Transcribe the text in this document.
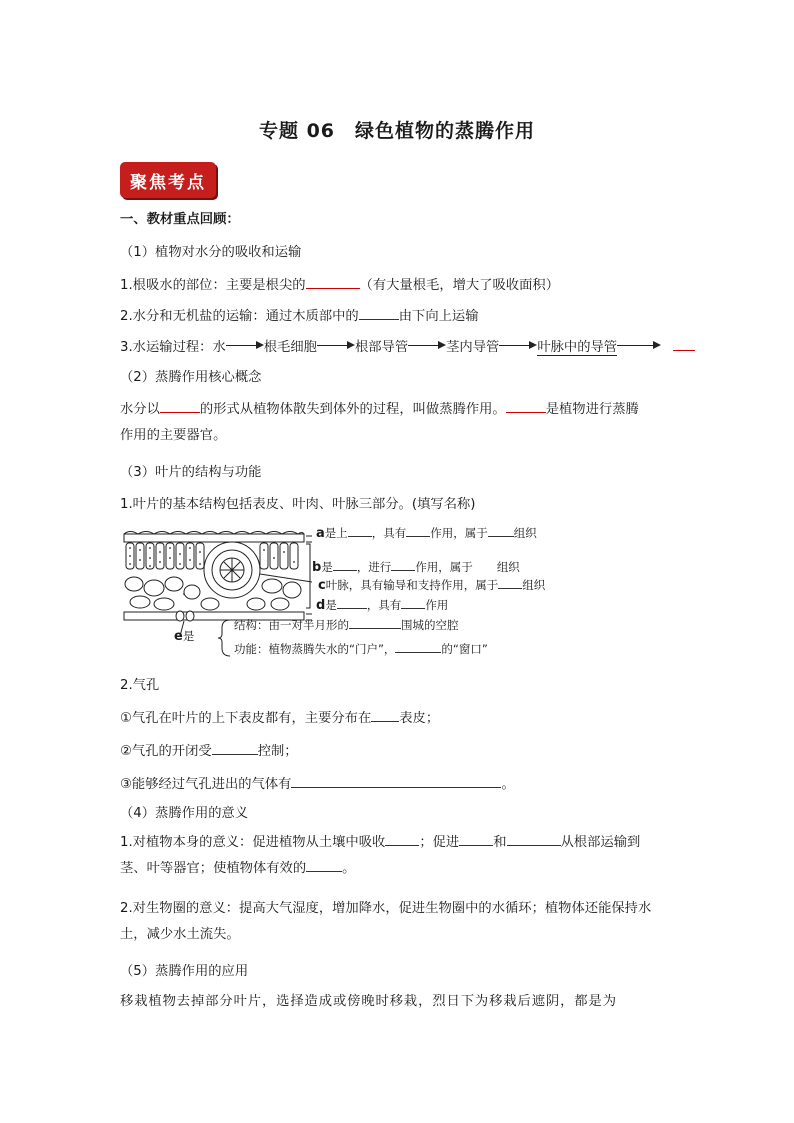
专题 06　绿色植物的蒸腾作用
聚焦考点
一、教材重点回顾：
（1）植物对水分的吸收和运输
1.根吸水的部位：主要是根尖的	（有大量根毛，增大了吸收面积）
2.水分和无机盐的运输：通过木质部中的	由下向上运输
3.水运输过程：水	根毛细胞	根部导管	茎内导管	叶脉中的导管
（2）蒸腾作用核心概念
水分以	的形式从植物体散失到体外的过程，叫做蒸腾作用。	是植物进行蒸腾
作用的主要器官。
（3）叶片的结构与功能
1.叶片的基本结构包括表皮、叶肉、叶脉三部分。(填写名称)
a是上 ，具有 作用，属于 组织
b是 ，进行 作用，属于 组织
c叶脉，具有输导和支持作用，属于 组织
d是	，具有 作用
e是
结构：由一对半月形的	围城的空腔
功能：植物蒸腾失水的“门户”，	的“窗口”
2.气孔
①气孔在叶片的上下表皮都有，主要分布在 表皮；
②气孔的开闭受	控制；
③能够经过气孔进出的气体有	。
（4）蒸腾作用的意义
1.对植物本身的意义：促进植物从土壤中吸收	；促进	和	从根部运输到
茎、叶等器官；使植物体有效的	。
2.对生物圈的意义：提高大气湿度，增加降水，促进生物圈中的水循环；植物体还能保持水
土，减少水土流失。
（5）蒸腾作用的应用
移栽植物去掉部分叶片，选择造成或傍晚时移栽，烈日下为移栽后遮阴，都是为
